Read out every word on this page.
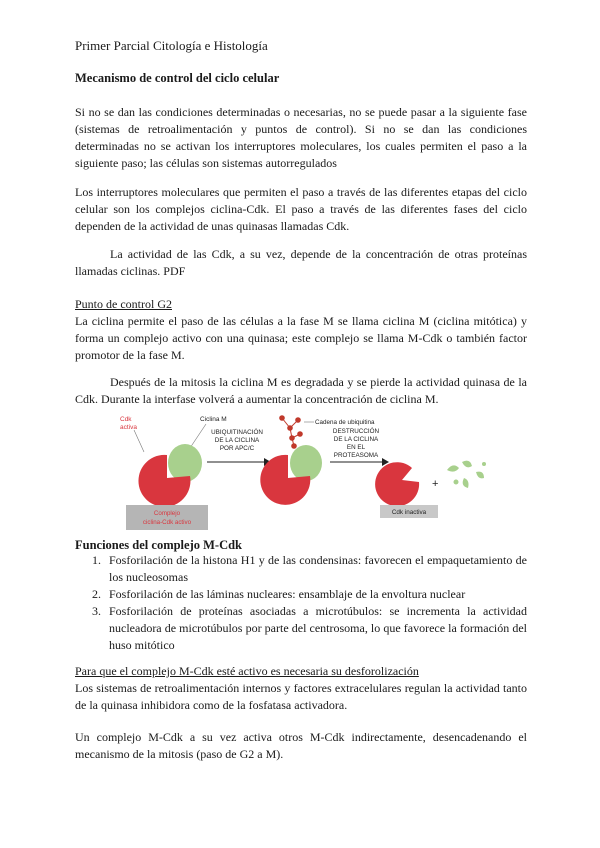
Primer Parcial Citología e Histología
Mecanismo de control del ciclo celular

Si no se dan las condiciones determinadas o necesarias, no se puede pasar a la siguiente fase (sistemas de retroalimentación y puntos de control). Si no se dan las condiciones determinadas no se activan los interruptores moleculares, los cuales permiten el paso a la siguiente paso; las células son sistemas autorregulados

Los interruptores moleculares que permiten el paso a través de las diferentes etapas del ciclo celular son los complejos ciclina-Cdk. El paso a través de las diferentes fases del ciclo dependen de la actividad de unas quinasas llamadas Cdk.

La actividad de las Cdk, a su vez, depende de la concentración de otras proteínas llamadas ciclinas. PDF

Punto de control G2

La ciclina permite el paso de las células a la fase M se llama ciclina M (ciclina mitótica) y forma un complejo activo con una quinasa; este complejo se llama M-Cdk o también factor promotor de la fase M.

Después de la mitosis la ciclina M es degradada y se pierde la actividad quinasa de la Cdk. Durante la interfase volverá a aumentar la concentración de ciclina M.

Cdk
activa
Ciclina M
Complejo
ciclina-Cdk activo
UBIQUITINACIÓN
DE LA CICLINA
POR APC/C
Cadena de ubiquitina
DESTRUCCIÓN
DE LA CICLINA
EN EL
PROTEASOMA
+
Cdk inactiva

Funciones del complejo M-Cdk

1. Fosforilación de la histona H1 y de las condensinas: favorecen el empaquetamiento de los nucleosomas
2. Fosforilación de las láminas nucleares: ensamblaje de la envoltura nuclear
3. Fosforilación de proteínas asociadas a microtúbulos: se incrementa la actividad nucleadora de microtúbulos por parte del centrosoma, lo que favorece la formación del huso mitótico

Para que el complejo M-Cdk esté activo es necesaria su desforolización

Los sistemas de retroalimentación internos y factores extracelulares regulan la actividad tanto de la quinasa inhibidora como de la fosfatasa activadora.

Un complejo M-Cdk a su vez activa otros M-Cdk indirectamente, desencadenando el mecanismo de la mitosis (paso de G2 a M).
